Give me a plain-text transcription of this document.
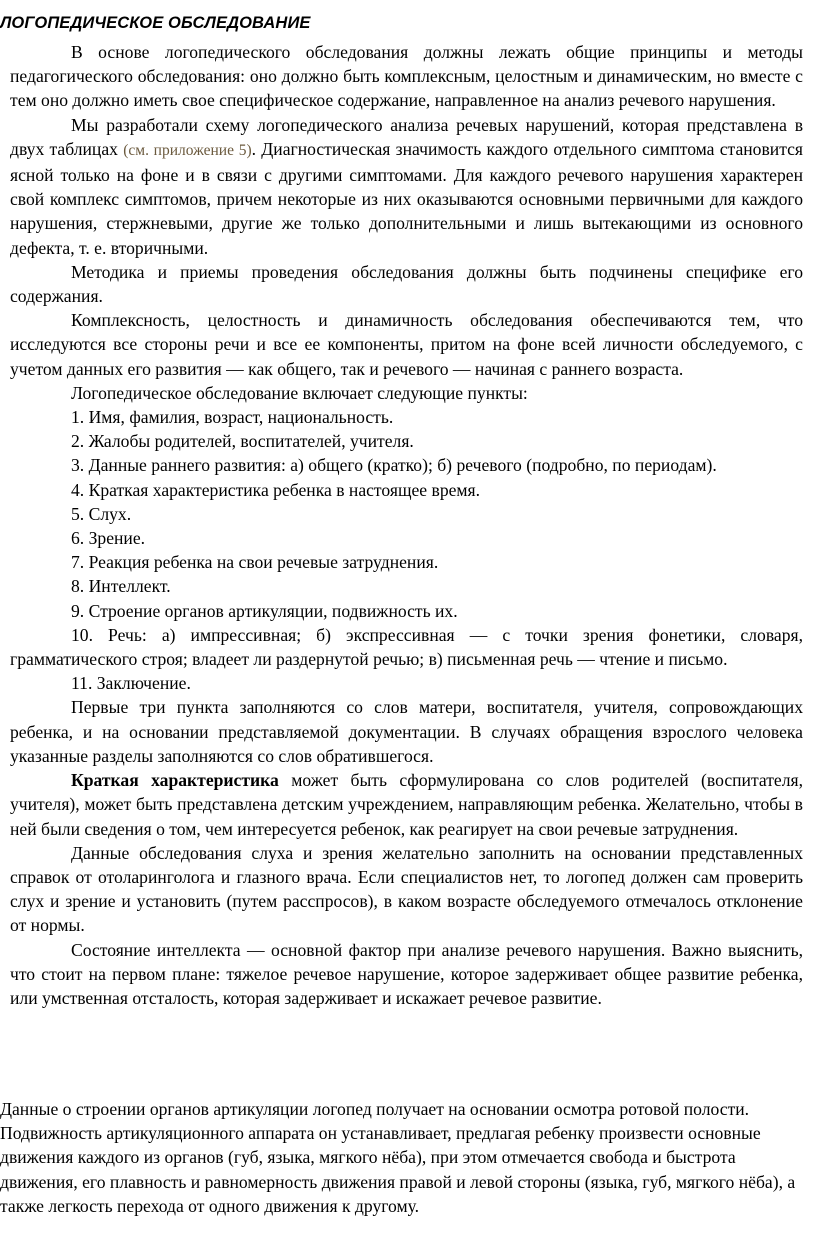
ЛОГОПЕДИЧЕСКОЕ ОБСЛЕДОВАНИЕ

В основе логопедического обследования должны лежать общие принципы и методы педагогического обследования: оно должно быть комплексным, целостным и динамическим, но вместе с тем оно должно иметь свое специфическое содержание, направленное на анализ речевого нарушения.

Мы разработали схему логопедического анализа речевых нарушений, которая представлена в двух таблицах (см. приложение 5). Диагностическая значимость каждого отдельного симптома становится ясной только на фоне и в связи с другими симптомами. Для каждого речевого нарушения характерен свой комплекс симптомов, причем некоторые из них оказываются основными первичными для каждого нарушения, стержневыми, другие же только дополнительными и лишь вытекающими из основного дефекта, т. е. вторичными.

Методика и приемы проведения обследования должны быть подчинены специфике его содержания.

Комплексность, целостность и динамичность обследования обеспечиваются тем, что исследуются все стороны речи и все ее компоненты, притом на фоне всей личности обследуемого, с учетом данных его развития — как общего, так и речевого — начиная с раннего возраста.

Логопедическое обследование включает следующие пункты:

1. Имя, фамилия, возраст, национальность.

2. Жалобы родителей, воспитателей, учителя.

3. Данные раннего развития: а) общего (кратко); б) речевого (подробно, по периодам).

4. Краткая характеристика ребенка в настоящее время.

5. Слух.

6. Зрение.

7. Реакция ребенка на свои речевые затруднения.

8. Интеллект.

9. Строение органов артикуляции, подвижность их.

10. Речь: а) импрессивная; б) экспрессивная — с точки зрения фонетики, словаря, грамматического строя; владеет ли раздернутой речью; в) письменная речь — чтение и письмо.

11. Заключение.

Первые три пункта заполняются со слов матери, воспитателя, учителя, сопровождающих ребенка, и на основании представляемой документации. В случаях обращения взрослого человека указанные разделы заполняются со слов обратившегося.

Краткая характеристика может быть сформулирована со слов родителей (воспитателя, учителя), может быть представлена детским учреждением, направляющим ребенка. Желательно, чтобы в ней были сведения о том, чем интересуется ребенок, как реагирует на свои речевые затруднения.

Данные обследования слуха и зрения желательно заполнить на основании представленных справок от отоларинголога и глазного врача. Если специалистов нет, то логопед должен сам проверить слух и зрение и установить (путем расспросов), в каком возрасте обследуемого отмечалось отклонение от нормы.

Состояние интеллекта — основной фактор при анализе речевого нарушения. Важно выяснить, что стоит на первом плане: тяжелое речевое нарушение, которое задерживает общее развитие ребенка, или умственная отсталость, которая задерживает и искажает речевое развитие.

Данные о строении органов артикуляции логопед получает на основании осмотра ротовой полости. Подвижность артикуляционного аппарата он устанавливает, предлагая ребенку произвести основные движения каждого из органов (губ, языка, мягкого нёба), при этом отмечается свобода и быстрота движения, его плавность и равномерность движения правой и левой стороны (языка, губ, мягкого нёба), а также легкость перехода от одного движения к другому.
